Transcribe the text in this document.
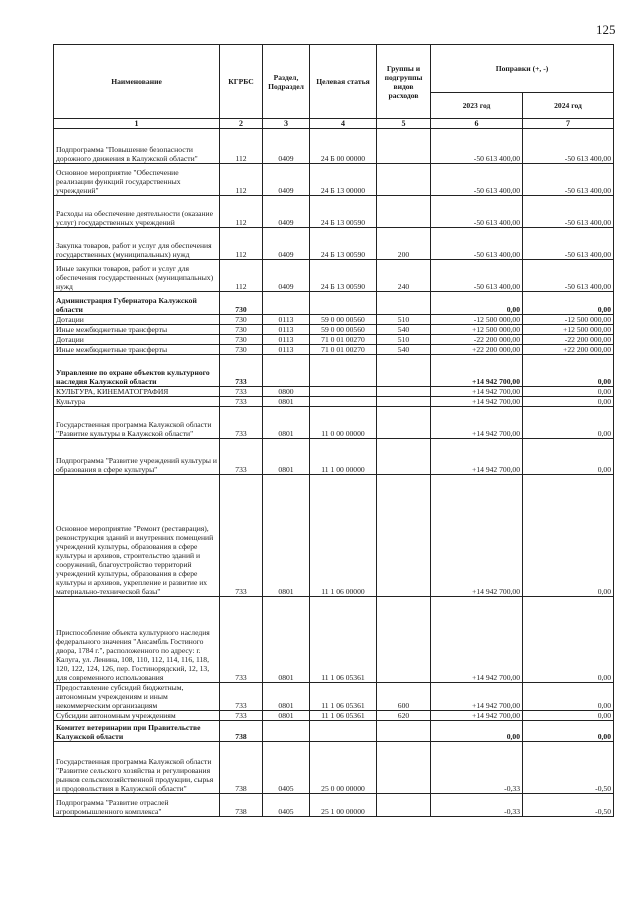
125
Наименование	КГРБС	Раздел, Подраздел	Целевая статья	Группы и подгруппы видов расходов	Поправки (+, -)	
					2023 год	2024 год
1	2	3	4	5	6	7
Подпрограмма "Повышение безопасности дорожного движения в Калужской области"	112	0409	24 Б 00 00000		-50 613 400,00	-50 613 400,00
Основное мероприятие "Обеспечение реализации функций государственных учреждений"	112	0409	24 Б 13 00000		-50 613 400,00	-50 613 400,00
Расходы на обеспечение деятельности (оказание услуг) государственных учреждений	112	0409	24 Б 13 00590		-50 613 400,00	-50 613 400,00
Закупка товаров, работ и услуг для обеспечения государственных (муниципальных) нужд	112	0409	24 Б 13 00590	200	-50 613 400,00	-50 613 400,00
Иные закупки товаров, работ и услуг для обеспечения государственных (муниципальных) нужд	112	0409	24 Б 13 00590	240	-50 613 400,00	-50 613 400,00
Администрация Губернатора Калужской области	730				0,00	0,00
Дотации	730	0113	59 0 00 00560	510	-12 500 000,00	-12 500 000,00
Иные межбюджетные трансферты	730	0113	59 0 00 00560	540	+12 500 000,00	+12 500 000,00
Дотации	730	0113	71 0 01 00270	510	-22 200 000,00	-22 200 000,00
Иные межбюджетные трансферты	730	0113	71 0 01 00270	540	+22 200 000,00	+22 200 000,00
Управление по охране объектов культурного наследия Калужской области	733				+14 942 700,00	0,00
КУЛЬТУРА, КИНЕМАТОГРАФИЯ	733	0800			+14 942 700,00	0,00
Культура	733	0801			+14 942 700,00	0,00
Государственная программа Калужской области "Развитие культуры в Калужской области"	733	0801	11 0 00 00000		+14 942 700,00	0,00
Подпрограмма "Развитие учреждений культуры и образования в сфере культуры"	733	0801	11 1 00 00000		+14 942 700,00	0,00
Основное мероприятие "Ремонт (реставрация), реконструкция зданий и внутренних помещений учреждений культуры, образования в сфере культуры и архивов, строительство зданий и сооружений, благоустройство территорий учреждений культуры, образования в сфере культуры и архивов, укрепление и развитие их материально-технической базы"	733	0801	11 1 06 00000		+14 942 700,00	0,00
Приспособление объекта культурного наследия федерального значения "Ансамбль Гостиного двора, 1784 г.", расположенного по адресу: г. Калуга, ул. Ленина, 108, 110, 112, 114, 116, 118, 120, 122, 124, 126, пер. Гостинорядский, 12, 13, для современного использования	733	0801	11 1 06 05361		+14 942 700,00	0,00
Предоставление субсидий бюджетным, автономным учреждениям и иным некоммерческим организациям	733	0801	11 1 06 05361	600	+14 942 700,00	0,00
Субсидии автономным учреждениям	733	0801	11 1 06 05361	620	+14 942 700,00	0,00
Комитет ветеринарии при Правительстве Калужской области	738				0,00	0,00
Государственная программа Калужской области "Развитие сельского хозяйства и регулирования рынков сельскохозяйственной продукции, сырья и продовольствия в Калужской области"	738	0405	25 0 00 00000		-0,33	-0,50
Подпрограмма "Развитие отраслей агропромышленного комплекса"	738	0405	25 1 00 00000		-0,33	-0,50
